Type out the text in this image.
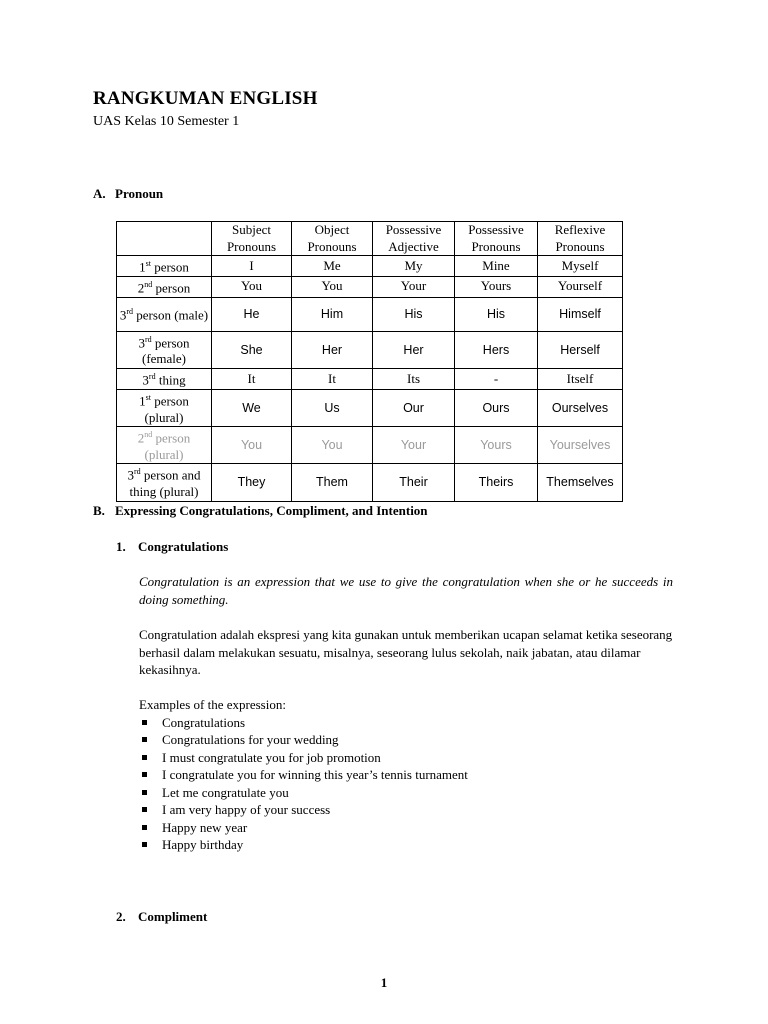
RANGKUMAN ENGLISH
UAS Kelas 10 Semester 1
A. Pronoun
	Subject Pronouns	Object Pronouns	Possessive Adjective	Possessive Pronouns	Reflexive Pronouns
1st person	I	Me	My	Mine	Myself
2nd person	You	You	Your	Yours	Yourself
3rd person (male)	He	Him	His	His	Himself
3rd person (female)	She	Her	Her	Hers	Herself
3rd thing	It	It	Its	-	Itself
1st person (plural)	We	Us	Our	Ours	Ourselves
2nd person (plural)	You	You	Your	Yours	Yourselves
3rd person and thing (plural)	They	Them	Their	Theirs	Themselves
B. Expressing Congratulations, Compliment, and Intention
1. Congratulations
Congratulation is an expression that we use to give the congratulation when she or he succeeds in doing something.
Congratulation adalah ekspresi yang kita gunakan untuk memberikan ucapan selamat ketika seseorang berhasil dalam melakukan sesuatu, misalnya, seseorang lulus sekolah, naik jabatan, atau dilamar kekasihnya.
Examples of the expression:
Congratulations
Congratulations for your wedding
I must congratulate you for job promotion
I congratulate you for winning this year’s tennis turnament
Let me congratulate you
I am very happy of your success
Happy new year
Happy birthday
2. Compliment
1
